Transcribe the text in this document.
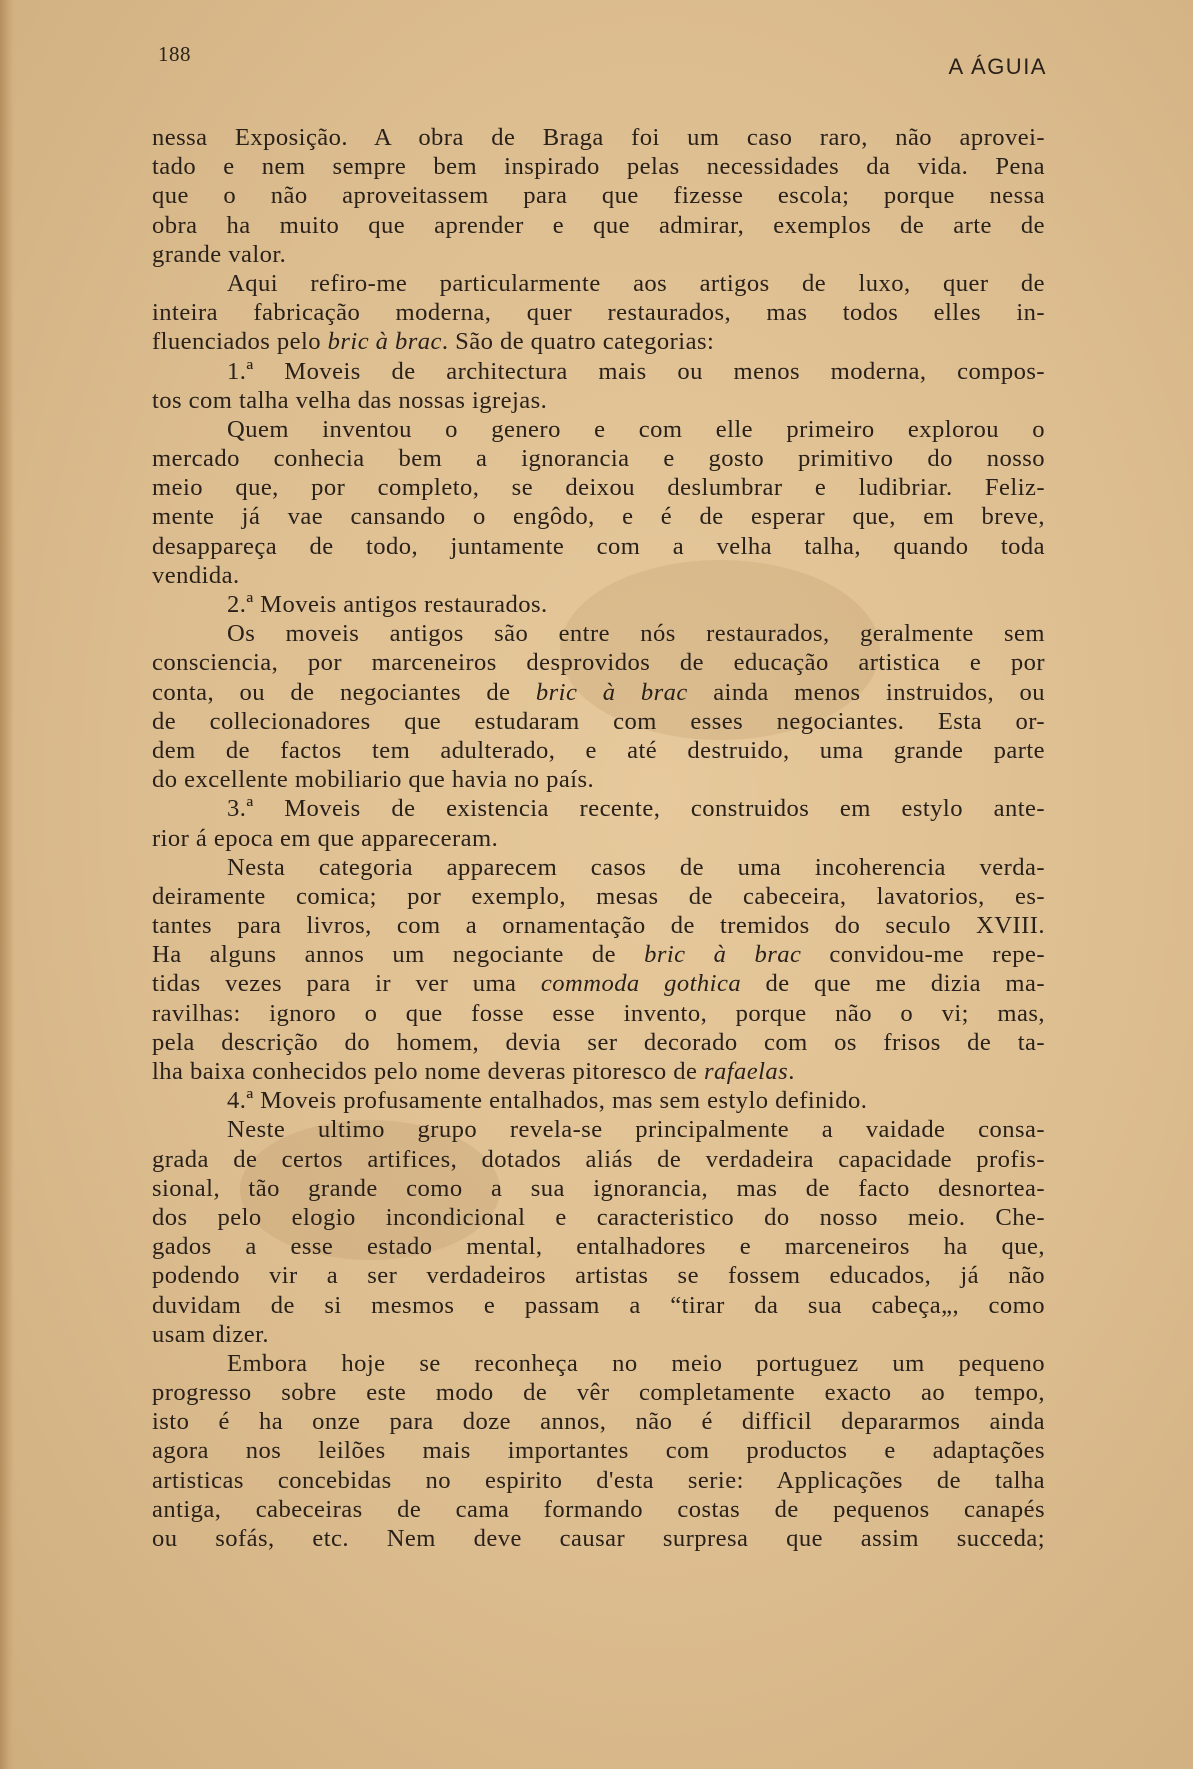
188	A ÁGUIA
nessa Exposição. A obra de Braga foi um caso raro, não aprovei-
tado e nem sempre bem inspirado pelas necessidades da vida. Pena
que o não aproveitassem para que fizesse escola; porque nessa
obra ha muito que aprender e que admirar, exemplos de arte de
grande valor.
Aqui refiro-me particularmente aos artigos de luxo, quer de
inteira fabricação moderna, quer restaurados, mas todos elles in-
fluenciados pelo bric à brac. São de quatro categorias:
1.ª Moveis de architectura mais ou menos moderna, compos-
tos com talha velha das nossas igrejas.
Quem inventou o genero e com elle primeiro explorou o
mercado conhecia bem a ignorancia e gosto primitivo do nosso
meio que, por completo, se deixou deslumbrar e ludibriar. Feliz-
mente já vae cansando o engôdo, e é de esperar que, em breve,
desappareça de todo, juntamente com a velha talha, quando toda
vendida.
2.ª Moveis antigos restaurados.
Os moveis antigos são entre nós restaurados, geralmente sem
consciencia, por marceneiros desprovidos de educação artistica e por
conta, ou de negociantes de bric à brac ainda menos instruidos, ou
de collecionadores que estudaram com esses negociantes. Esta or-
dem de factos tem adulterado, e até destruido, uma grande parte
do excellente mobiliario que havia no país.
3.ª Moveis de existencia recente, construidos em estylo ante-
rior á epoca em que appareceram.
Nesta categoria apparecem casos de uma incoherencia verda-
deiramente comica; por exemplo, mesas de cabeceira, lavatorios, es-
tantes para livros, com a ornamentação de tremidos do seculo XVIII.
Ha alguns annos um negociante de bric à brac convidou-me repe-
tidas vezes para ir ver uma commoda gothica de que me dizia ma-
ravilhas: ignoro o que fosse esse invento, porque não o vi; mas,
pela descrição do homem, devia ser decorado com os frisos de ta-
lha baixa conhecidos pelo nome deveras pitoresco de rafaelas.
4.ª Moveis profusamente entalhados, mas sem estylo definido.
Neste ultimo grupo revela-se principalmente a vaidade consa-
grada de certos artifices, dotados aliás de verdadeira capacidade profis-
sional, tão grande como a sua ignorancia, mas de facto desnortea-
dos pelo elogio incondicional e caracteristico do nosso meio. Che-
gados a esse estado mental, entalhadores e marceneiros ha que,
podendo vir a ser verdadeiros artistas se fossem educados, já não
duvidam de si mesmos e passam a “tirar da sua cabeça„, como
usam dizer.
Embora hoje se reconheça no meio portuguez um pequeno
progresso sobre este modo de vêr completamente exacto ao tempo,
isto é ha onze para doze annos, não é difficil depararmos ainda
agora nos leilões mais importantes com productos e adaptações
artisticas concebidas no espirito d'esta serie: Applicações de talha
antiga, cabeceiras de cama formando costas de pequenos canapés
ou sofás, etc. Nem deve causar surpresa que assim succeda;
